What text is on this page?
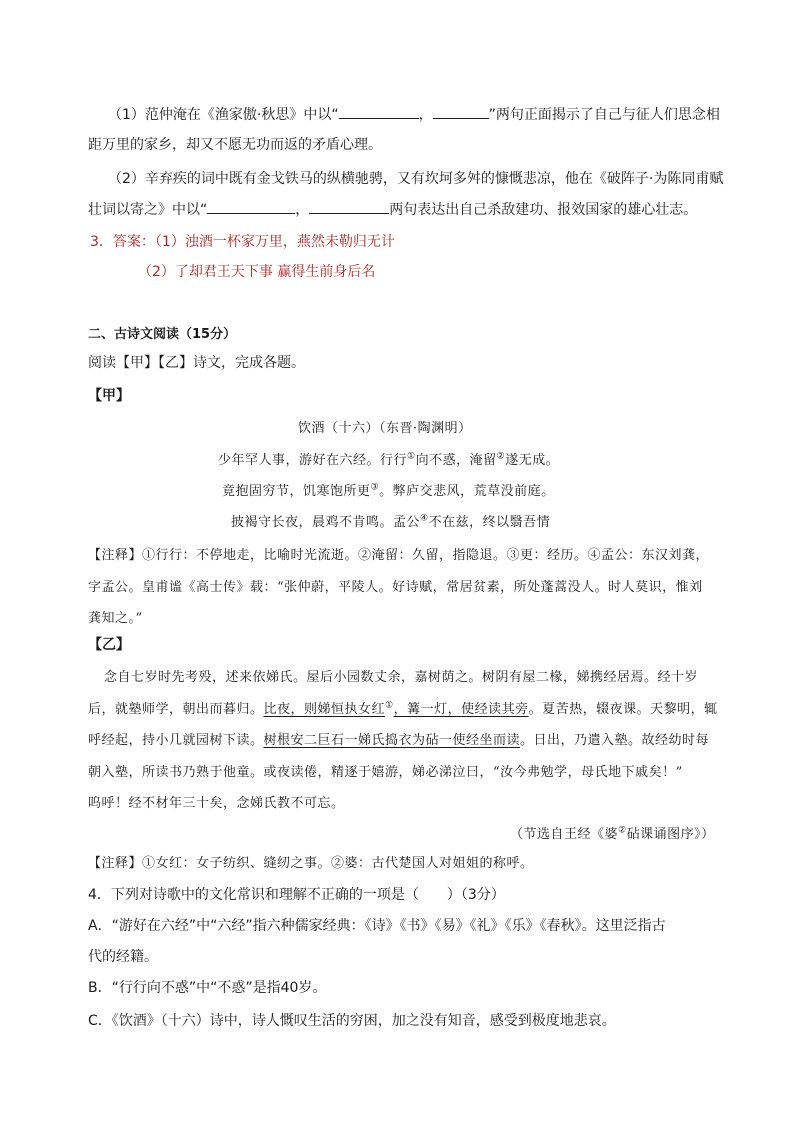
（1）范仲淹在《渔家傲·秋思》中以“	，	”两句正面揭示了自己与征人们思念相
距万里的家乡，却又不愿无功而返的矛盾心理。
（2）辛弃疾的词中既有金戈铁马的纵横驰骋，又有坎坷多舛的慷慨悲凉，他在《破阵子·为陈同甫赋
壮词以寄之》中以“	，	两句表达出自己杀敌建功、报效国家的雄心壮志。
3．答案：（1）浊酒一杯家万里，燕然未勒归无计
（2）了却君王天下事 赢得生前身后名
二、古诗文阅读（15分）
阅读【甲】【乙】诗文，完成各题。
【甲】
饮酒（十六）（东晋·陶渊明）
少年罕人事，游好在六经。行行①向不惑，淹留②遂无成。
竟抱固穷节，饥寒饱所更③。弊庐交悲风，荒草没前庭。
披褐守长夜，晨鸡不肯鸣。孟公④不在兹，终以翳吾情
【注释】①行行：不停地走，比喻时光流逝。②淹留：久留，指隐退。③更：经历。④孟公：东汉刘龚，
字孟公。皇甫谧《高士传》载：“张仲蔚，平陵人。好诗赋，常居贫素，所处蓬蒿没人。时人莫识，惟刘
龚知之。”
【乙】
念自七岁时先考殁，述来依娣氏。屋后小园数丈余，嘉树荫之。树阴有屋二椽，娣携经居焉。经十岁
后，就塾师学，朝出而暮归。比夜，则娣恒执女红①，篝一灯，使经读其旁。夏苦热，辍夜课。天黎明，辄
呼经起，持小几就园树下读。树根安二巨石一娣氏捣衣为砧一使经坐而读。日出，乃遣入塾。故经幼时每
朝入塾，所读书乃熟于他童。或夜读倦，精逐于嬉游，娣必涕泣曰，“汝今弗勉学，母氏地下戚矣！”
呜呼！经不材年三十矣，念娣氏教不可忘。
（节选自王经《婆②砧课诵图序》）
【注释】①女红：女子纺织、缝纫之事。②婆：古代楚国人对姐姐的称呼。
4．下列对诗歌中的文化常识和理解不正确的一项是（　　）（3分）
A．“游好在六经”中“六经”指六种儒家经典：《诗》《书》《易》《礼》《乐》《春秋》。这里泛指古
代的经籍。
B．“行行向不惑”中“不惑”是指40岁。
C．《饮酒》（十六）诗中，诗人慨叹生活的穷困，加之没有知音，感受到极度地悲哀。
